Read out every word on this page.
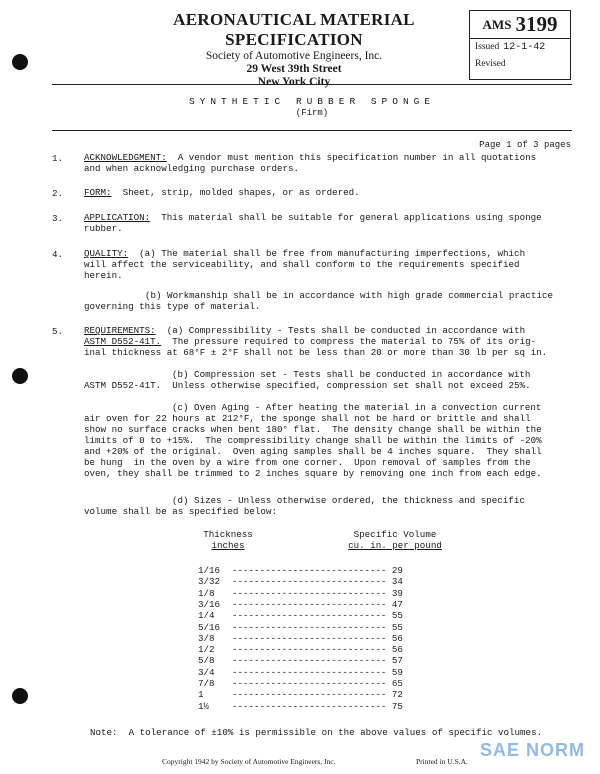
AERONAUTICAL MATERIAL SPECIFICATION
Society of Automotive Engineers, Inc.
29 West 39th Street
New York City
AMS 3199
Issued 12-1-42
Revised
SYNTHETIC RUBBER SPONGE
(Firm)
Page 1 of 3 pages
1. ACKNOWLEDGMENT: A vendor must mention this specification number in all quotations
and when acknowledging purchase orders.
2. FORM: Sheet, strip, molded shapes, or as ordered.
3. APPLICATION: This material shall be suitable for general applications using sponge
rubber.
4. QUALITY: (a) The material shall be free from manufacturing imperfections, which
will affect the serviceability, and shall conform to the requirements specified
herein.
(b) Workmanship shall be in accordance with high grade commercial practice
governing this type of material.
5. REQUIREMENTS: (a) Compressibility - Tests shall be conducted in accordance with
ASTM D552-41T. The pressure required to compress the material to 75% of its orig-
inal thickness at 68°F ± 2°F shall not be less than 20 or more than 30 lb per sq in.
(b) Compression set - Tests shall be conducted in accordance with
ASTM D552-41T.  Unless otherwise specified, compression set shall not exceed 25%.
(c) Oven Aging - After heating the material in a convection current
air oven for 22 hours at 212°F, the sponge shall not be hard or brittle and shall
show no surface cracks when bent 180° flat.  The density change shall be within the
limits of 0 to +15%.  The compressibility change shall be within the limits of -20%
and +20% of the original.  Oven aging samples shall be 4 inches square.  They shall
be hung  in the oven by a wire from one corner.  Upon removal of samples from the
oven, they shall be trimmed to 2 inches square by removing one inch from each edge.
(d) Sizes - Unless otherwise ordered, the thickness and specific
volume shall be as specified below:
Thickness
inches
Specific Volume
cu. in. per pound
1/16 ---------------------------- 29
3/32 ---------------------------- 34
1/8 ---------------------------- 39
3/16 ---------------------------- 47
1/4 ---------------------------- 55
5/16 ---------------------------- 55
3/8 ---------------------------- 56
1/2 ---------------------------- 56
5/8 ---------------------------- 57
3/4 ---------------------------- 59
7/8 ---------------------------- 65
1	---------------------------- 72
1½ ---------------------------- 75
Note:  A tolerance of ±10% is permissible on the above values of specific volumes.
Copyright 1942 by Society of Automotive Engineers, Inc.	Printed in U.S.A.
SAE NORM
